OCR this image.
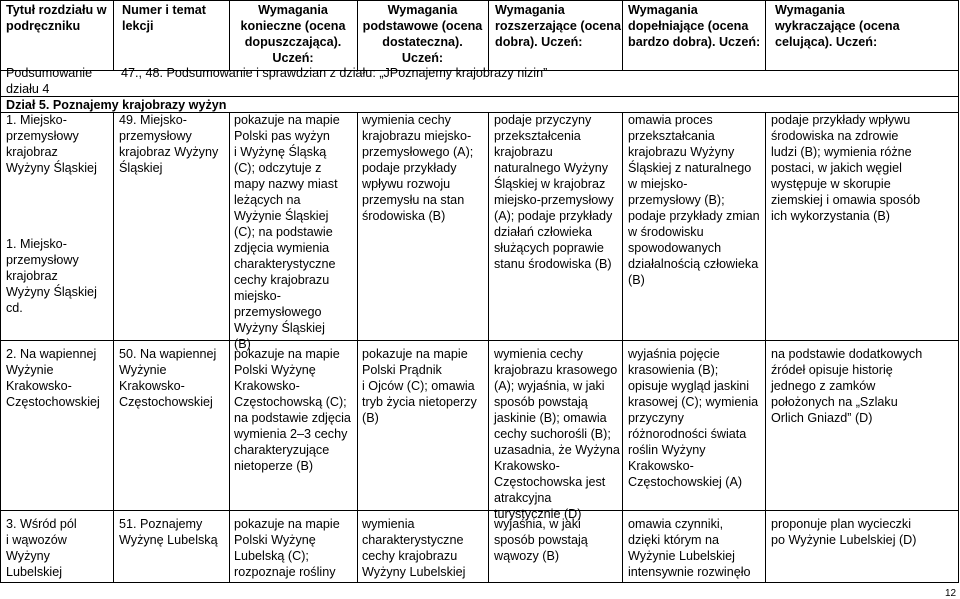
Tytuł rozdziału w
podręczniku
Numer i temat
lekcji
Wymagania
konieczne (ocena
dopuszczająca).
Uczeń:
Wymagania
podstawowe (ocena
dostateczna).
Uczeń:
Wymagania
rozszerzające (ocena
dobra). Uczeń:
Wymagania
dopełniające (ocena
bardzo dobra). Uczeń:
Wymagania
wykraczające (ocena
celująca). Uczeń:
Podsumowanie
działu 4
47., 48. Podsumowanie i sprawdzian z działu: „JPoznajemy krajobrazy nizin”
Dział 5. Poznajemy krajobrazy wyżyn
1. Miejsko-
przemysłowy
krajobraz
Wyżyny Śląskiej
1. Miejsko-
przemysłowy
krajobraz
Wyżyny Śląskiej
cd.
2. Na wapiennej
Wyżynie
Krakowsko-
Częstochowskiej
3. Wśród pól
i wąwozów
Wyżyny
Lubelskiej
49. Miejsko-
przemysłowy
krajobraz Wyżyny
Śląskiej
50. Na wapiennej
Wyżynie
Krakowsko-
Częstochowskiej
51. Poznajemy
Wyżynę Lubelską
pokazuje na mapie
Polski pas wyżyn
i Wyżynę Śląską
(C); odczytuje z
mapy nazwy miast
leżących na
Wyżynie Śląskiej
(C); na podstawie
zdjęcia wymienia
charakterystyczne
cechy krajobrazu
miejsko-
przemysłowego
Wyżyny Śląskiej
(B)
pokazuje na mapie
Polski Wyżynę
Krakowsko-
Częstochowską (C);
na podstawie zdjęcia
wymienia 2–3 cechy
charakteryzujące
nietoperze (B)
pokazuje na mapie
Polski Wyżynę
Lubelską (C);
rozpoznaje rośliny
wymienia cechy
krajobrazu miejsko-
przemysłowego (A);
podaje przykłady
wpływu rozwoju
przemysłu na stan
środowiska (B)
pokazuje na mapie
Polski Prądnik
i Ojców (C); omawia
tryb życia nietoperzy
(B)
wymienia
charakterystyczne
cechy krajobrazu
Wyżyny Lubelskiej
podaje przyczyny
przekształcenia
krajobrazu
naturalnego Wyżyny
Śląskiej w krajobraz
miejsko-przemysłowy
(A); podaje przykłady
działań człowieka
służących poprawie
stanu środowiska (B)
wymienia cechy
krajobrazu krasowego
(A); wyjaśnia, w jaki
sposób powstają
jaskinie (B); omawia
cechy suchorośli (B);
uzasadnia, że Wyżyna
Krakowsko-
Częstochowska jest
atrakcyjna
turystycznie (D)
wyjaśnia, w jaki
sposób powstają
wąwozy (B)
omawia proces
przekształcania
krajobrazu Wyżyny
Śląskiej z naturalnego
w miejsko-
przemysłowy (B);
podaje przykłady zmian
w środowisku
spowodowanych
działalnością człowieka
(B)
wyjaśnia pojęcie
krasowienia (B);
opisuje wygląd jaskini
krasowej (C); wymienia
przyczyny
różnorodności świata
roślin Wyżyny
Krakowsko-
Częstochowskiej (A)
omawia czynniki,
dzięki którym na
Wyżynie Lubelskiej
intensywnie rozwinęło
podaje przykłady wpływu
środowiska na zdrowie
ludzi (B); wymienia różne
postaci, w jakich węgiel
występuje w skorupie
ziemskiej i omawia sposób
ich wykorzystania (B)
na podstawie dodatkowych
źródeł opisuje historię
jednego z zamków
położonych na „Szlaku
Orlich Gniazd” (D)
proponuje plan wycieczki
po Wyżynie Lubelskiej (D)
12
